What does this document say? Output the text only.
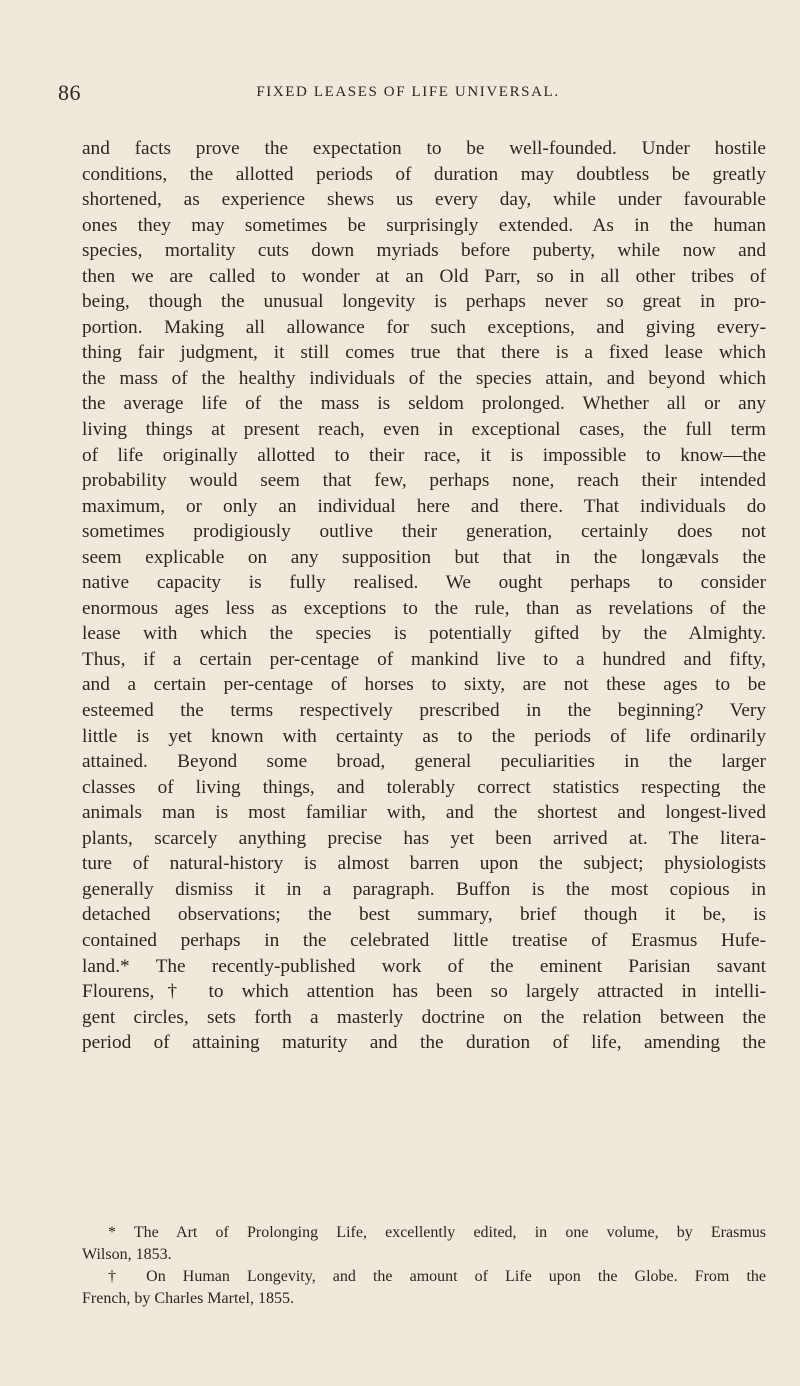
86	FIXED LEASES OF LIFE UNIVERSAL.
and facts prove the expectation to be well-founded. Under hostile
conditions, the allotted periods of duration may doubtless be greatly
shortened, as experience shews us every day, while under favourable
ones they may sometimes be surprisingly extended. As in the human
species, mortality cuts down myriads before puberty, while now and
then we are called to wonder at an Old Parr, so in all other tribes of
being, though the unusual longevity is perhaps never so great in pro-
portion. Making all allowance for such exceptions, and giving every-
thing fair judgment, it still comes true that there is a fixed lease which
the mass of the healthy individuals of the species attain, and beyond which
the average life of the mass is seldom prolonged. Whether all or any
living things at present reach, even in exceptional cases, the full term
of life originally allotted to their race, it is impossible to know—the
probability would seem that few, perhaps none, reach their intended
maximum, or only an individual here and there. That individuals do
sometimes prodigiously outlive their generation, certainly does not
seem explicable on any supposition but that in the longævals the
native capacity is fully realised. We ought perhaps to consider
enormous ages less as exceptions to the rule, than as revelations of the
lease with which the species is potentially gifted by the Almighty.
Thus, if a certain per-centage of mankind live to a hundred and fifty,
and a certain per-centage of horses to sixty, are not these ages to be
esteemed the terms respectively prescribed in the beginning? Very
little is yet known with certainty as to the periods of life ordinarily
attained. Beyond some broad, general peculiarities in the larger
classes of living things, and tolerably correct statistics respecting the
animals man is most familiar with, and the shortest and longest-lived
plants, scarcely anything precise has yet been arrived at. The litera-
ture of natural-history is almost barren upon the subject; physiologists
generally dismiss it in a paragraph. Buffon is the most copious in
detached observations; the best summary, brief though it be, is
contained perhaps in the celebrated little treatise of Erasmus Hufe-
land.* The recently-published work of the eminent Parisian savant
Flourens,† to which attention has been so largely attracted in intelli-
gent circles, sets forth a masterly doctrine on the relation between the
period of attaining maturity and the duration of life, amending the
* The Art of Prolonging Life, excellently edited, in one volume, by Erasmus
Wilson, 1853.
† On Human Longevity, and the amount of Life upon the Globe. From the
French, by Charles Martel, 1855.
